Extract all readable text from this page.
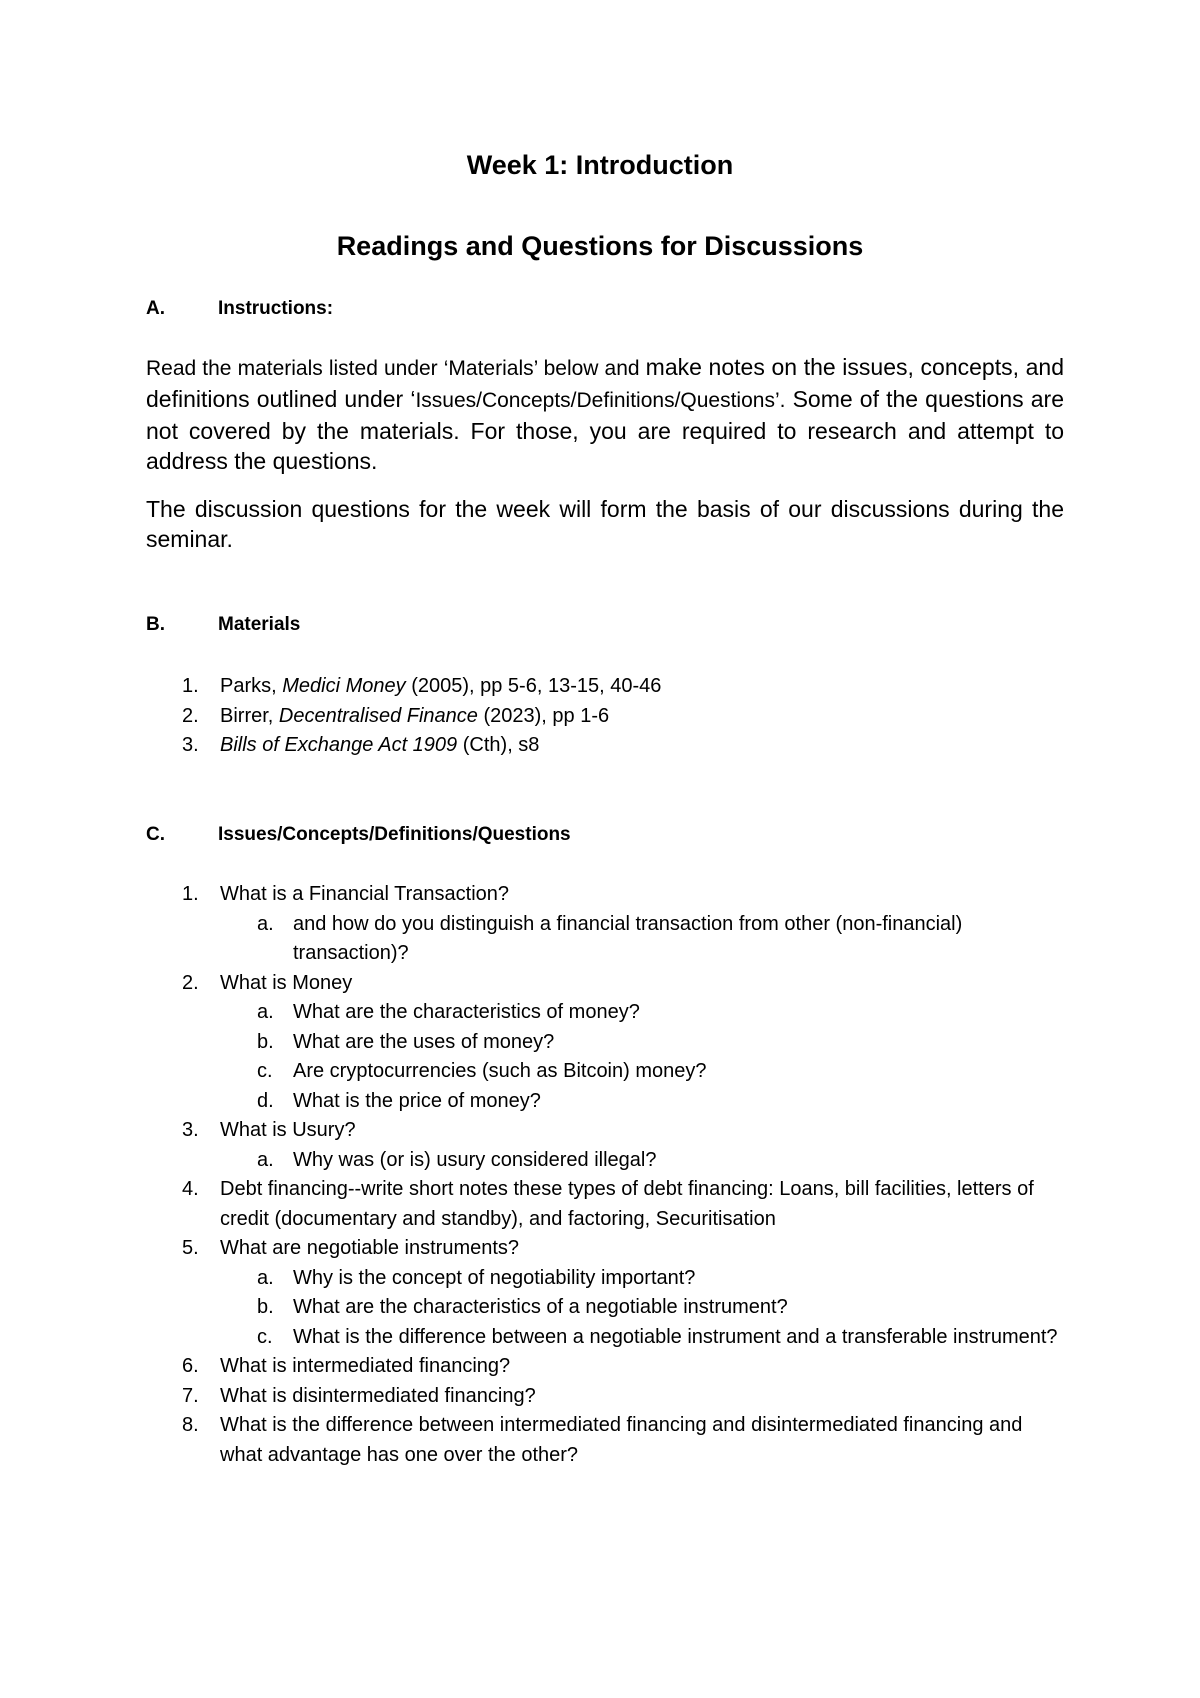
Week 1: Introduction
Readings and Questions for Discussions
A.	Instructions:

Read the materials listed under ‘Materials’ below and make notes on the issues, concepts, and definitions outlined under ‘Issues/Concepts/Definitions/Questions’. Some of the questions are not covered by the materials. For those, you are required to research and attempt to address the questions.

The discussion questions for the week will form the basis of our discussions during the seminar.

B.	Materials
1.	Parks, Medici Money (2005), pp 5-6, 13-15, 40-46
2.	Birrer, Decentralised Finance (2023), pp 1-6
3.	Bills of Exchange Act 1909 (Cth), s8
C.	Issues/Concepts/Definitions/Questions
1.	What is a Financial Transaction?
a. and how do you distinguish a financial transaction from other (non-financial) transaction)?
2.	What is Money
a. What are the characteristics of money?
b. What are the uses of money?
c.	Are cryptocurrencies (such as Bitcoin) money?
d. What is the price of money?
3.	What is Usury?
a. Why was (or is) usury considered illegal?
4.	Debt financing--write short notes these types of debt financing: Loans, bill facilities, letters of credit (documentary and standby), and factoring, Securitisation
5.	What are negotiable instruments?
a. Why is the concept of negotiability important?
b. What are the characteristics of a negotiable instrument?
c.	What is the difference between a negotiable instrument and a transferable instrument?
6.	What is intermediated financing?
7.	What is disintermediated financing?
8.	What is the difference between intermediated financing and disintermediated financing and what advantage has one over the other?
